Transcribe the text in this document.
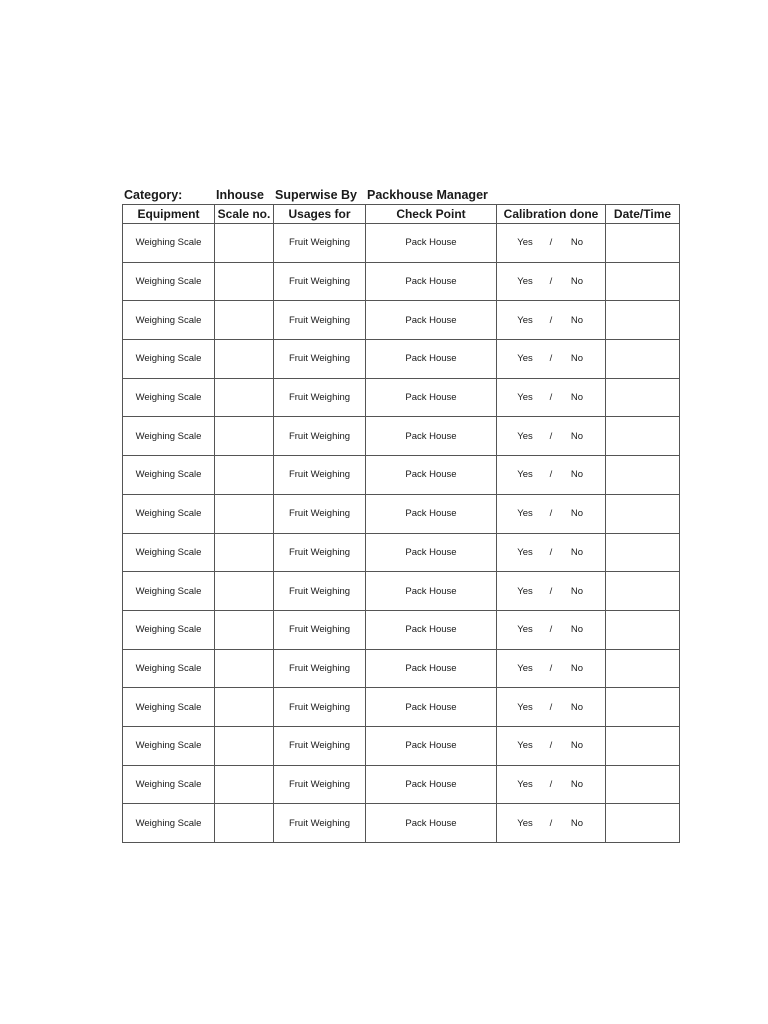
Category:	Inhouse Superwise By Packhouse Manager
Equipment	Scale no.	Usages for	Check Point	Calibration done	Date/Time
Weighing Scale		Fruit Weighing	Pack House	Yes / No	
Weighing Scale		Fruit Weighing	Pack House	Yes / No	
Weighing Scale		Fruit Weighing	Pack House	Yes / No	
Weighing Scale		Fruit Weighing	Pack House	Yes / No	
Weighing Scale		Fruit Weighing	Pack House	Yes / No	
Weighing Scale		Fruit Weighing	Pack House	Yes / No	
Weighing Scale		Fruit Weighing	Pack House	Yes / No	
Weighing Scale		Fruit Weighing	Pack House	Yes / No	
Weighing Scale		Fruit Weighing	Pack House	Yes / No	
Weighing Scale		Fruit Weighing	Pack House	Yes / No	
Weighing Scale		Fruit Weighing	Pack House	Yes / No	
Weighing Scale		Fruit Weighing	Pack House	Yes / No	
Weighing Scale		Fruit Weighing	Pack House	Yes / No	
Weighing Scale		Fruit Weighing	Pack House	Yes / No	
Weighing Scale		Fruit Weighing	Pack House	Yes / No	
Weighing Scale		Fruit Weighing	Pack House	Yes / No	
